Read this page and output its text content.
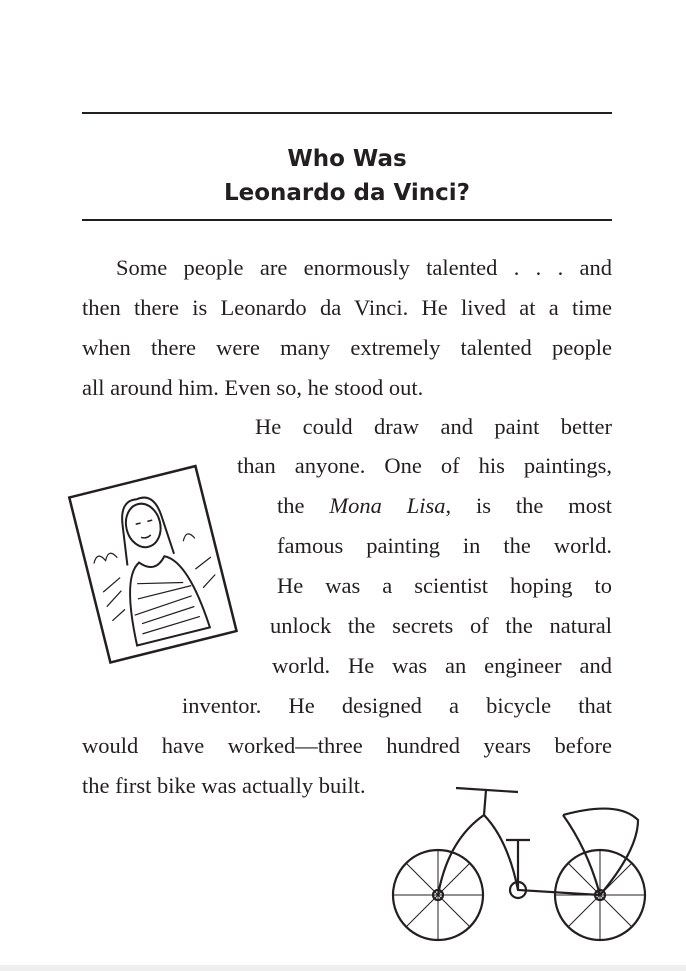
Who Was
Leonardo da Vinci?
Some people are enormously talented . . . and
then there is Leonardo da Vinci. He lived at a time
when there were many extremely talented people
all around him. Even so, he stood out.
He could draw and paint better
than anyone. One of his paintings,
the Mona Lisa, is the most
famous painting in the world.
He was a scientist hoping to
unlock the secrets of the natural
world. He was an engineer and
inventor. He designed a bicycle that
would have worked—three hundred years before
the first bike was actually built.
